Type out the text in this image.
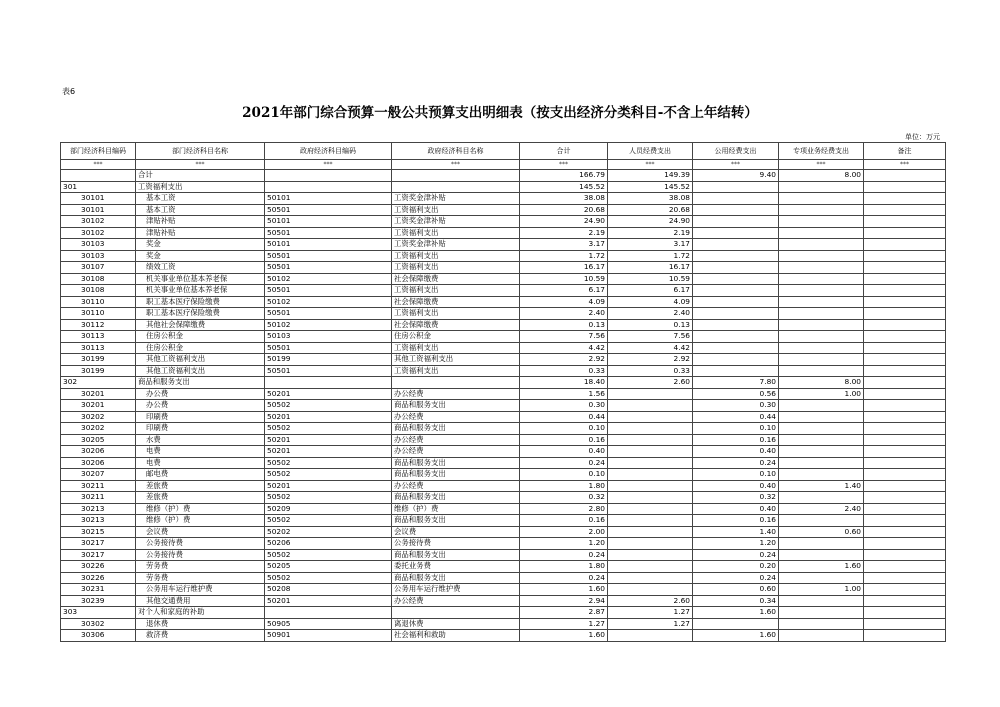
表6
2021年部门综合预算一般公共预算支出明细表（按支出经济分类科目-不含上年结转）
单位：万元
部门经济科目编码	部门经济科目名称	政府经济科目编码	政府经济科目名称	合计	人员经费支出	公用经费支出	专项业务经费支出	备注
***	***	***	***	***	***	***	***	***
	合计			166.79	149.39	9.40	8.00	
301	工资福利支出			145.52	145.52			
30101	基本工资	50101	工资奖金津补贴	38.08	38.08			
30101	基本工资	50501	工资福利支出	20.68	20.68			
30102	津贴补贴	50101	工资奖金津补贴	24.90	24.90			
30102	津贴补贴	50501	工资福利支出	2.19	2.19			
30103	奖金	50101	工资奖金津补贴	3.17	3.17			
30103	奖金	50501	工资福利支出	1.72	1.72			
30107	绩效工资	50501	工资福利支出	16.17	16.17			
30108	机关事业单位基本养老保	50102	社会保障缴费	10.59	10.59			
30108	机关事业单位基本养老保	50501	工资福利支出	6.17	6.17			
30110	职工基本医疗保险缴费	50102	社会保障缴费	4.09	4.09			
30110	职工基本医疗保险缴费	50501	工资福利支出	2.40	2.40			
30112	其他社会保障缴费	50102	社会保障缴费	0.13	0.13			
30113	住房公积金	50103	住房公积金	7.56	7.56			
30113	住房公积金	50501	工资福利支出	4.42	4.42			
30199	其他工资福利支出	50199	其他工资福利支出	2.92	2.92			
30199	其他工资福利支出	50501	工资福利支出	0.33	0.33			
302	商品和服务支出			18.40	2.60	7.80	8.00	
30201	办公费	50201	办公经费	1.56		0.56	1.00	
30201	办公费	50502	商品和服务支出	0.30		0.30		
30202	印刷费	50201	办公经费	0.44		0.44		
30202	印刷费	50502	商品和服务支出	0.10		0.10		
30205	水费	50201	办公经费	0.16		0.16		
30206	电费	50201	办公经费	0.40		0.40		
30206	电费	50502	商品和服务支出	0.24		0.24		
30207	邮电费	50502	商品和服务支出	0.10		0.10		
30211	差旅费	50201	办公经费	1.80		0.40	1.40	
30211	差旅费	50502	商品和服务支出	0.32		0.32		
30213	维修（护）费	50209	维修（护）费	2.80		0.40	2.40	
30213	维修（护）费	50502	商品和服务支出	0.16		0.16		
30215	会议费	50202	会议费	2.00		1.40	0.60	
30217	公务接待费	50206	公务接待费	1.20		1.20		
30217	公务接待费	50502	商品和服务支出	0.24		0.24		
30226	劳务费	50205	委托业务费	1.80		0.20	1.60	
30226	劳务费	50502	商品和服务支出	0.24		0.24		
30231	公务用车运行维护费	50208	公务用车运行维护费	1.60		0.60	1.00	
30239	其他交通费用	50201	办公经费	2.94	2.60	0.34		
303	对个人和家庭的补助			2.87	1.27	1.60		
30302	退休费	50905	离退休费	1.27	1.27			
30306	救济费	50901	社会福利和救助	1.60		1.60		
